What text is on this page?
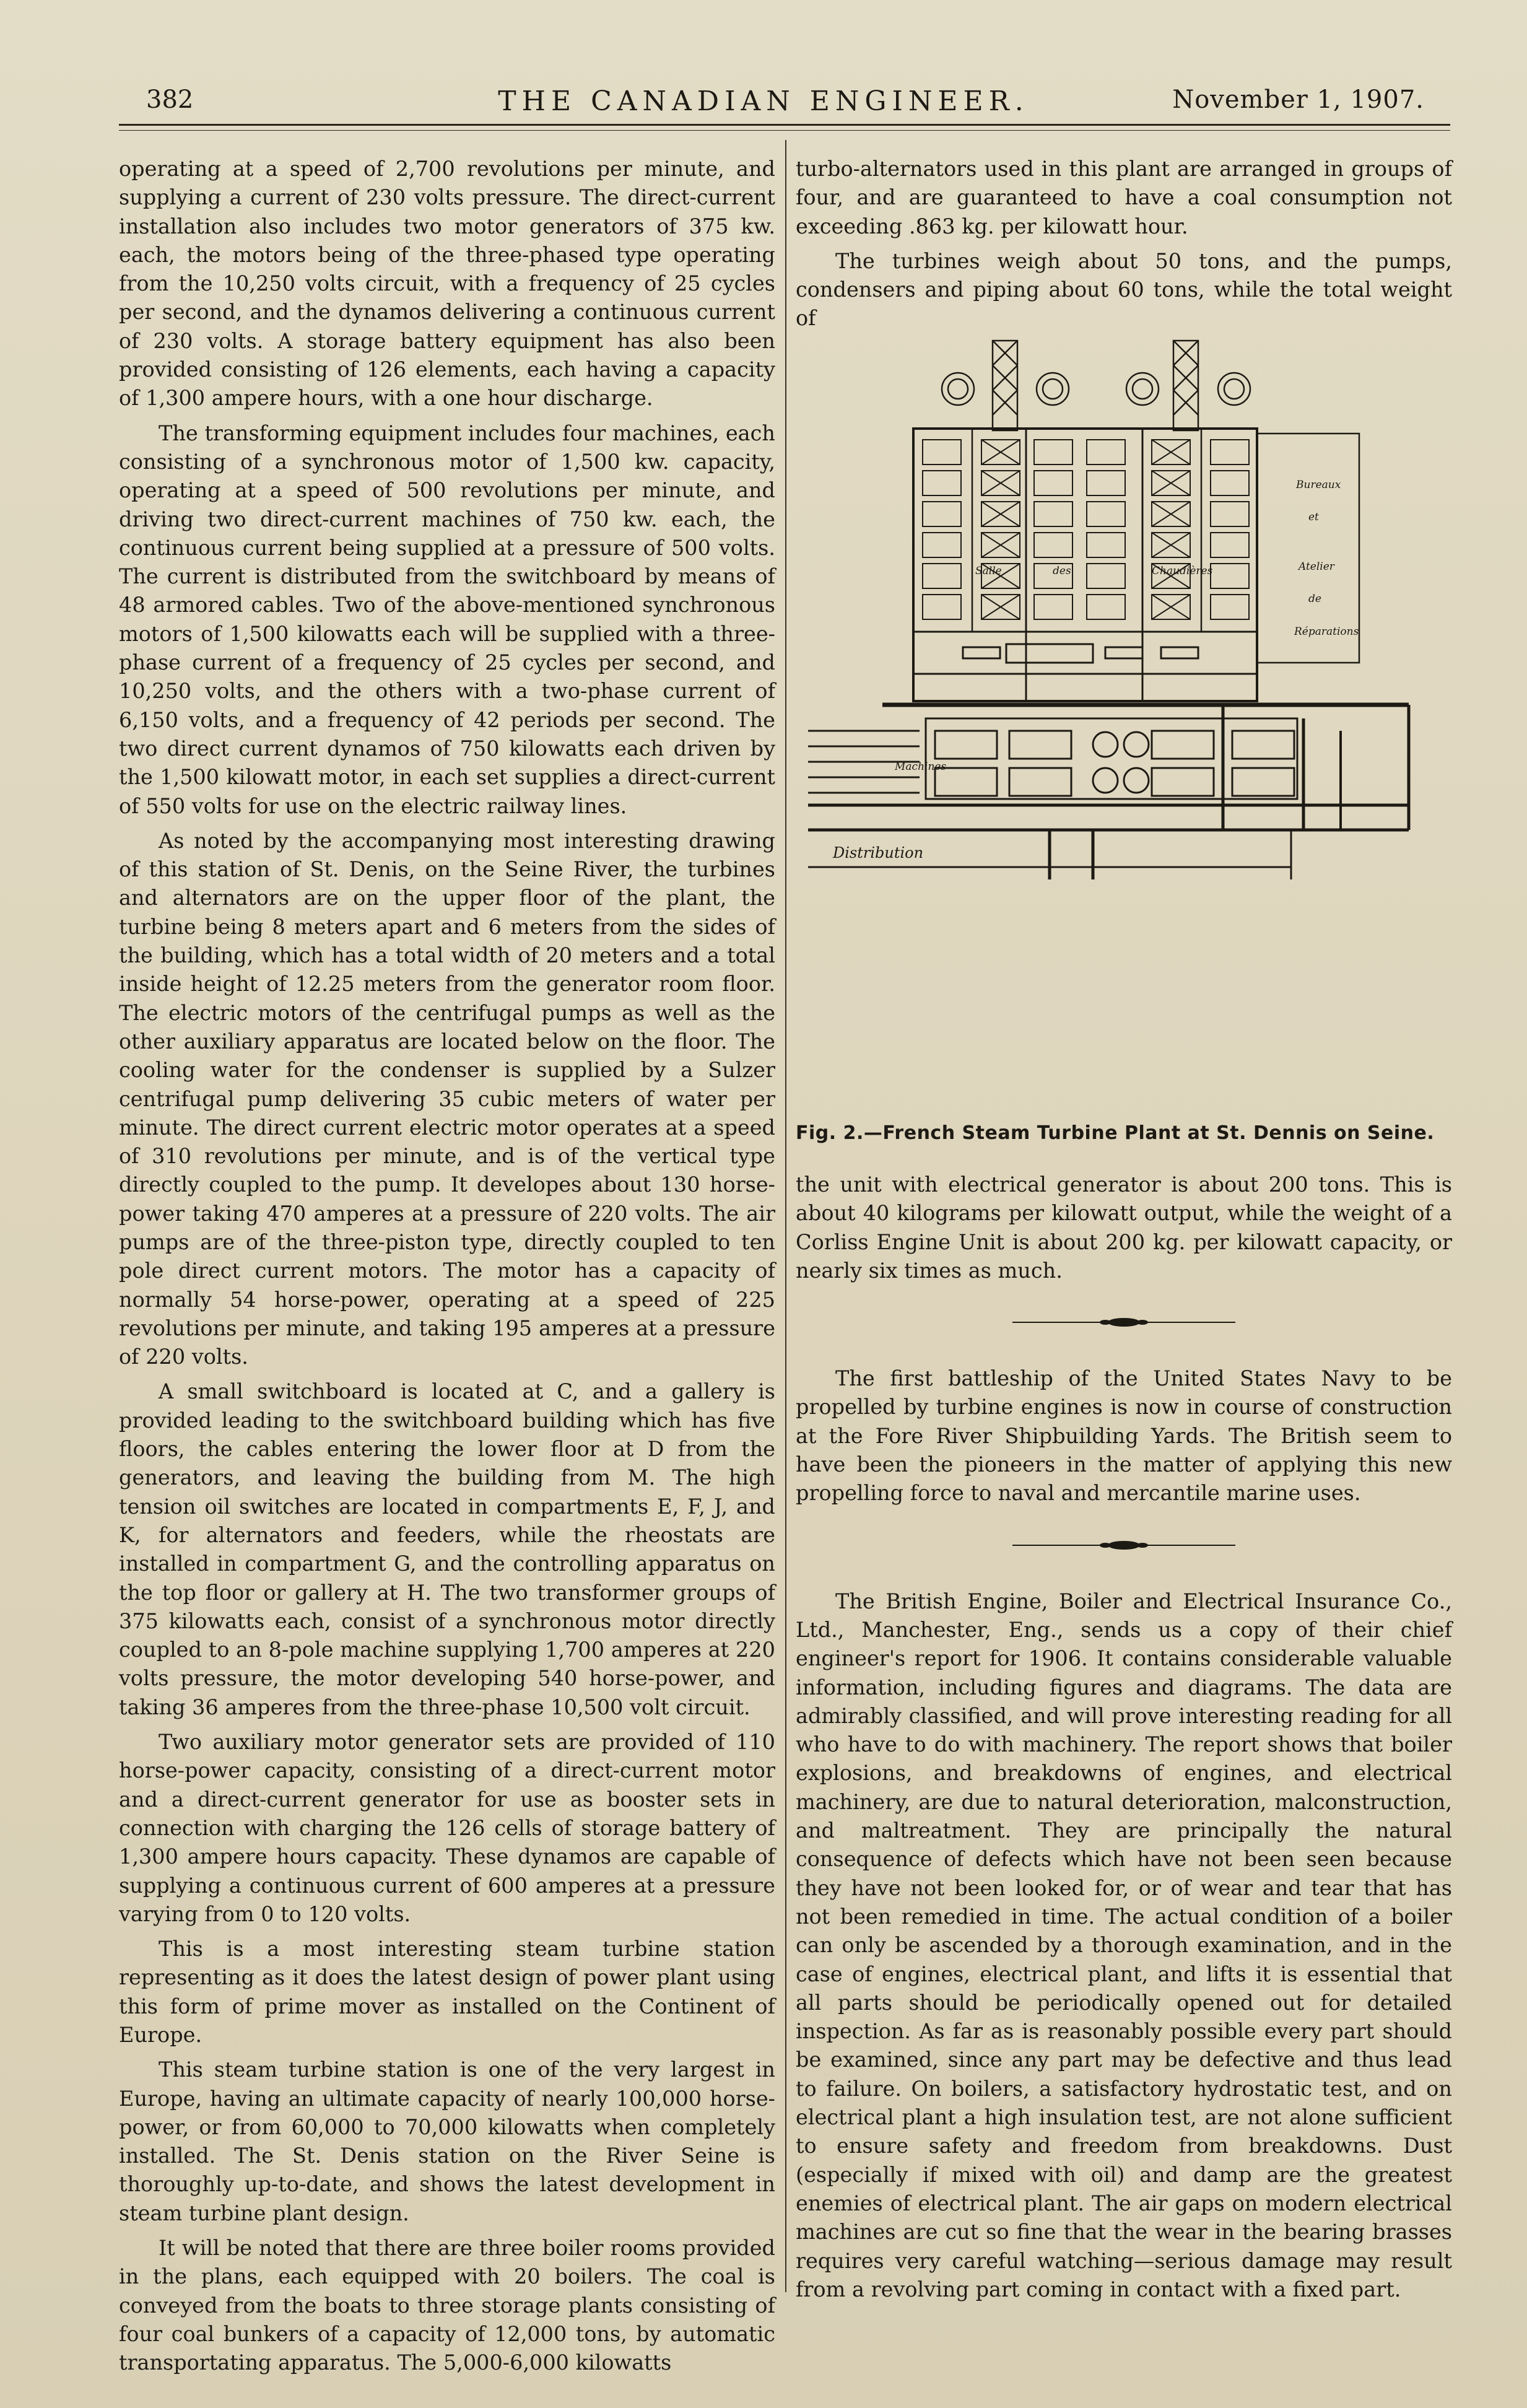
382	THE CANADIAN ENGINEER.	November 1, 1907.

operating at a speed of 2,700 revolutions per minute, and supplying a current of 230 volts pressure. The direct-current installation also includes two motor generators of 375 kw. each, the motors being of the three-phased type operating from the 10,250 volts circuit, with a frequency of 25 cycles per second, and the dynamos delivering a continuous current of 230 volts. A storage battery equipment has also been provided consisting of 126 elements, each having a capacity of 1,300 ampere hours, with a one hour discharge.

The transforming equipment includes four machines, each consisting of a synchronous motor of 1,500 kw. capacity, operating at a speed of 500 revolutions per minute, and driving two direct-current machines of 750 kw. each, the continuous current being supplied at a pressure of 500 volts. The current is distributed from the switchboard by means of 48 armored cables. Two of the above-mentioned synchronous motors of 1,500 kilowatts each will be supplied with a three-phase current of a frequency of 25 cycles per second, and 10,250 volts, and the others with a two-phase current of 6,150 volts, and a frequency of 42 periods per second. The two direct current dynamos of 750 kilowatts each driven by the 1,500 kilowatt motor, in each set supplies a direct-current of 550 volts for use on the electric railway lines.

As noted by the accompanying most interesting drawing of this station of St. Denis, on the Seine River, the turbines and alternators are on the upper floor of the plant, the turbine being 8 meters apart and 6 meters from the sides of the building, which has a total width of 20 meters and a total inside height of 12.25 meters from the generator room floor. The electric motors of the centrifugal pumps as well as the other auxiliary apparatus are located below on the floor. The cooling water for the condenser is supplied by a Sulzer centrifugal pump delivering 35 cubic meters of water per minute. The direct current electric motor operates at a speed of 310 revolutions per minute, and is of the vertical type directly coupled to the pump. It developes about 130 horse-power taking 470 amperes at a pressure of 220 volts. The air pumps are of the three-piston type, directly coupled to ten pole direct current motors. The motor has a capacity of normally 54 horse-power, operating at a speed of 225 revolutions per minute, and taking 195 amperes at a pressure of 220 volts.

A small switchboard is located at C, and a gallery is provided leading to the switchboard building which has five floors, the cables entering the lower floor at D from the generators, and leaving the building from M. The high tension oil switches are located in compartments E, F, J, and K, for alternators and feeders, while the rheostats are installed in compartment G, and the controlling apparatus on the top floor or gallery at H. The two transformer groups of 375 kilowatts each, consist of a synchronous motor directly coupled to an 8-pole machine supplying 1,700 amperes at 220 volts pressure, the motor developing 540 horse-power, and taking 36 amperes from the three-phase 10,500 volt circuit.

Two auxiliary motor generator sets are provided of 110 horse-power capacity, consisting of a direct-current motor and a direct-current generator for use as booster sets in connection with charging the 126 cells of storage battery of 1,300 ampere hours capacity. These dynamos are capable of supplying a continuous current of 600 amperes at a pressure varying from 0 to 120 volts.

This is a most interesting steam turbine station representing as it does the latest design of power plant using this form of prime mover as installed on the Continent of Europe.

This steam turbine station is one of the very largest in Europe, having an ultimate capacity of nearly 100,000 horse-power, or from 60,000 to 70,000 kilowatts when completely installed. The St. Denis station on the River Seine is thoroughly up-to-date, and shows the latest development in steam turbine plant design.

It will be noted that there are three boiler rooms provided in the plans, each equipped with 20 boilers. The coal is conveyed from the boats to three storage plants consisting of four coal bunkers of a capacity of 12,000 tons, by automatic transportating apparatus. The 5,000-6,000 kilowatts

turbo-alternators used in this plant are arranged in groups of four, and are guaranteed to have a coal consumption not exceeding .863 kg. per kilowatt hour.

The turbines weigh about 50 tons, and the pumps, condensers and piping about 60 tons, while the total weight of

Salle	des	Chaudières
Bureaux
et
Atelier
de
Réparations
Machines
Distribution
Fig. 2.—French Steam Turbine Plant at St. Dennis on Seine.

the unit with electrical generator is about 200 tons. This is about 40 kilograms per kilowatt output, while the weight of a Corliss Engine Unit is about 200 kg. per kilowatt capacity, or nearly six times as much.

The first battleship of the United States Navy to be propelled by turbine engines is now in course of construction at the Fore River Shipbuilding Yards. The British seem to have been the pioneers in the matter of applying this new propelling force to naval and mercantile marine uses.

The British Engine, Boiler and Electrical Insurance Co., Ltd., Manchester, Eng., sends us a copy of their chief engineer's report for 1906. It contains considerable valuable information, including figures and diagrams. The data are admirably classified, and will prove interesting reading for all who have to do with machinery. The report shows that boiler explosions, and breakdowns of engines, and electrical machinery, are due to natural deterioration, malconstruction, and maltreatment. They are principally the natural consequence of defects which have not been seen because they have not been looked for, or of wear and tear that has not been remedied in time. The actual condition of a boiler can only be ascended by a thorough examination, and in the case of engines, electrical plant, and lifts it is essential that all parts should be periodically opened out for detailed inspection. As far as is reasonably possible every part should be examined, since any part may be defective and thus lead to failure. On boilers, a satisfactory hydrostatic test, and on electrical plant a high insulation test, are not alone sufficient to ensure safety and freedom from breakdowns. Dust (especially if mixed with oil) and damp are the greatest enemies of electrical plant. The air gaps on modern electrical machines are cut so fine that the wear in the bearing brasses requires very careful watching—serious damage may result from a revolving part coming in contact with a fixed part.
